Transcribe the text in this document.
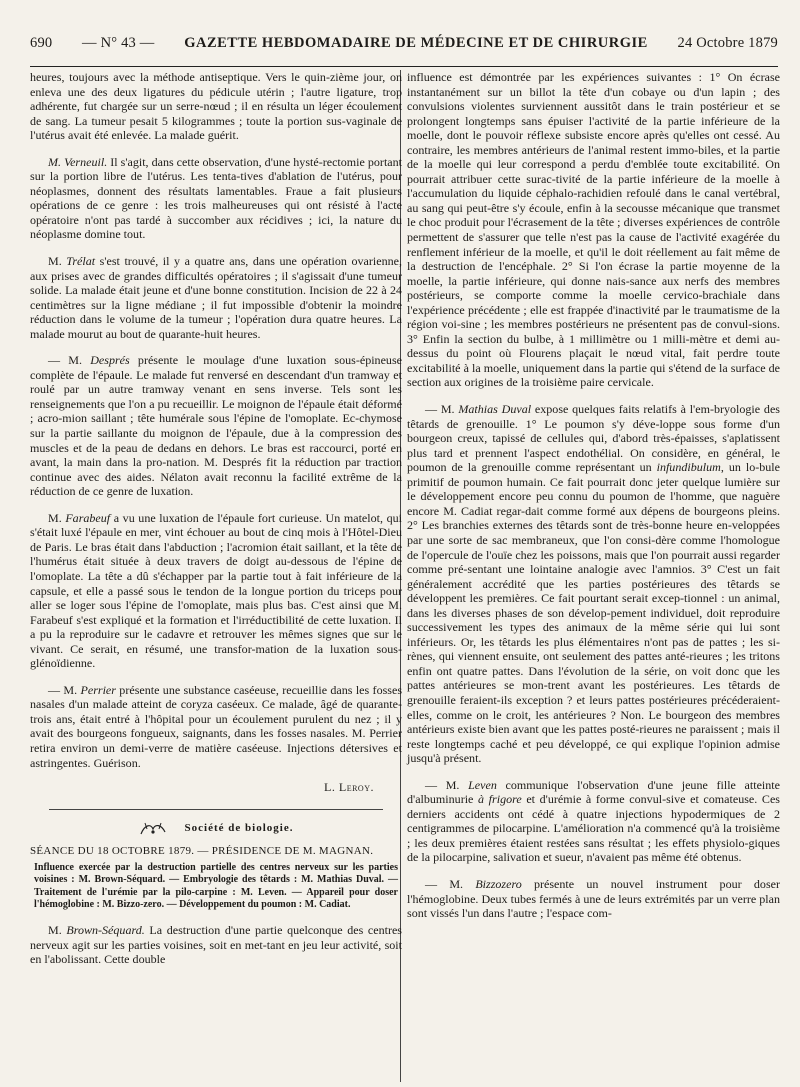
690 — N° 43 — GAZETTE HEBDOMADAIRE DE MÉDECINE ET DE CHIRURGIE 24 Octobre 1879

heures, toujours avec la méthode antiseptique. Vers le quin-zième jour, on enleva une des deux ligatures du pédicule utérin ; l'autre ligature, trop adhérente, fut chargée sur un serre-nœud ; il en résulta un léger écoulement de sang. La tumeur pesait 5 kilogrammes ; toute la portion sus-vaginale de l'utérus avait été enlevée. La malade guérit.

M. Verneuil. Il s'agit, dans cette observation, d'une hysté-rectomie portant sur la portion libre de l'utérus. Les tenta-tives d'ablation de l'utérus, pour néoplasmes, donnent des résultats lamentables. Fraue a fait plusieurs opérations de ce genre : les trois malheureuses qui ont résisté à l'acte opératoire n'ont pas tardé à succomber aux récidives ; ici, la nature du néoplasme domine tout.

M. Trélat s'est trouvé, il y a quatre ans, dans une opération ovarienne, aux prises avec de grandes difficultés opératoires ; il s'agissait d'une tumeur solide. La malade était jeune et d'une bonne constitution. Incision de 22 à 24 centimètres sur la ligne médiane ; il fut impossible d'obtenir la moindre réduction dans le volume de la tumeur ; l'opération dura quatre heures. La malade mourut au bout de quarante-huit heures.

— M. Després présente le moulage d'une luxation sous-épineuse complète de l'épaule. Le malade fut renversé en descendant d'un tramway et roulé par un autre tramway venant en sens inverse. Tels sont les renseignements que l'on a pu recueillir. Le moignon de l'épaule était déformé ; acro-mion saillant ; tête humérale sous l'épine de l'omoplate. Ec-chymose sur la partie saillante du moignon de l'épaule, due à la compression des muscles et de la peau de dedans en dehors. Le bras est raccourci, porté en avant, la main dans la pro-nation. M. Després fit la réduction par traction continue avec des aides. Nélaton avait reconnu la facilité extrême de la réduction de ce genre de luxation.

M. Farabeuf a vu une luxation de l'épaule fort curieuse. Un matelot, qui s'était luxé l'épaule en mer, vint échouer au bout de cinq mois à l'Hôtel-Dieu de Paris. Le bras était dans l'abduction ; l'acromion était saillant, et la tête de l'humérus était située à deux travers de doigt au-dessous de l'épine de l'omoplate. La tête a dû s'échapper par la partie tout à fait inférieure de la capsule, et elle a passé sous le tendon de la longue portion du triceps pour aller se loger sous l'épine de l'omoplate, mais plus bas. C'est ainsi que M. Farabeuf s'est expliqué et la formation et l'irréductibilité de cette luxation. Il a pu la reproduire sur le cadavre et retrouver les mêmes signes que sur le vivant. Ce serait, en résumé, une transfor-mation de la luxation sous-glénoïdienne.

— M. Perrier présente une substance caséeuse, recueillie dans les fosses nasales d'un malade atteint de coryza caséeux. Ce malade, âgé de quarante-trois ans, était entré à l'hôpital pour un écoulement purulent du nez ; il y avait des bourgeons fongueux, saignants, dans les fosses nasales. M. Perrier retira environ un demi-verre de matière caséeuse. Injections détersives et astringentes. Guérison.

L. Leroy.
Société de biologie.

SÉANCE DU 18 OCTOBRE 1879. — PRÉSIDENCE DE M. MAGNAN.

Influence exercée par la destruction partielle des centres nerveux sur les parties voisines : M. Brown-Séquard. — Embryologie des têtards : M. Mathias Duval. — Traitement de l'urémie par la pilo-carpine : M. Leven. — Appareil pour doser l'hémoglobine : M. Bizzo-zero. — Développement du poumon : M. Cadiat.

M. Brown-Séquard. La destruction d'une partie quelconque des centres nerveux agit sur les parties voisines, soit en met-tant en jeu leur activité, soit en l'abolissant. Cette double

influence est démontrée par les expériences suivantes : 1° On écrase instantanément sur un billot la tête d'un cobaye ou d'un lapin ; des convulsions violentes surviennent aussitôt dans le train postérieur et se prolongent longtemps sans épuiser l'activité de la partie inférieure de la moelle, dont le pouvoir réflexe subsiste encore après qu'elles ont cessé. Au contraire, les membres antérieurs de l'animal restent immo-biles, et la partie de la moelle qui leur correspond a perdu d'emblée toute excitabilité. On pourrait attribuer cette surac-tivité de la partie inférieure de la moelle à l'accumulation du liquide céphalo-rachidien refoulé dans le canal vertébral, au sang qui peut-être s'y écoule, enfin à la secousse mécanique que transmet le choc produit pour l'écrasement de la tête ; diverses expériences de contrôle permettent de s'assurer que telle n'est pas la cause de l'activité exagérée du renflement inférieur de la moelle, et qu'il le doit réellement au fait même de la destruction de l'encéphale. 2° Si l'on écrase la partie moyenne de la moelle, la partie inférieure, qui donne nais-sance aux nerfs des membres postérieurs, se comporte comme la moelle cervico-brachiale dans l'expérience précédente ; elle est frappée d'inactivité par le traumatisme de la région voi-sine ; les membres postérieurs ne présentent pas de convul-sions. 3° Enfin la section du bulbe, à 1 millimètre ou 1 milli-mètre et demi au-dessus du point où Flourens plaçait le nœud vital, fait perdre toute excitabilité à la moelle, uniquement dans la partie qui s'étend de la surface de section aux origines de la troisième paire cervicale.

— M. Mathias Duval expose quelques faits relatifs à l'em-bryologie des têtards de grenouille. 1° Le poumon s'y déve-loppe sous forme d'un bourgeon creux, tapissé de cellules qui, d'abord très-épaisses, s'aplatissent plus tard et prennent l'aspect endothélial. On considère, en général, le poumon de la grenouille comme représentant un infundibulum, un lo-bule primitif de poumon humain. Ce fait pourrait donc jeter quelque lumière sur le développement encore peu connu du poumon de l'homme, que naguère encore M. Cadiat regar-dait comme formé aux dépens de bourgeons pleins. 2° Les branchies externes des têtards sont de très-bonne heure en-veloppées par une sorte de sac membraneux, que l'on consi-dère comme l'homologue de l'opercule de l'ouïe chez les poissons, mais que l'on pourrait aussi regarder comme pré-sentant une lointaine analogie avec l'amnios. 3° C'est un fait généralement accrédité que les parties postérieures des têtards se développent les premières. Ce fait pourtant serait excep-tionnel : un animal, dans les diverses phases de son dévelop-pement individuel, doit reproduire successivement les types des animaux de la même série qui lui sont inférieurs. Or, les têtards les plus élémentaires n'ont pas de pattes ; les si-rènes, qui viennent ensuite, ont seulement des pattes anté-rieures ; les tritons enfin ont quatre pattes. Dans l'évolution de la série, on voit donc que les pattes antérieures se mon-trent avant les postérieures. Les têtards de grenouille feraient-ils exception ? et leurs pattes postérieures précéderaient-elles, comme on le croit, les antérieures ? Non. Le bourgeon des membres antérieurs existe bien avant que les pattes posté-rieures ne paraissent ; mais il reste longtemps caché et peu développé, ce qui explique l'opinion admise jusqu'à présent.

— M. Leven communique l'observation d'une jeune fille atteinte d'albuminurie à frigore et d'urémie à forme convul-sive et comateuse. Ces derniers accidents ont cédé à quatre injections hypodermiques de 2 centigrammes de pilocarpine. L'amélioration n'a commencé qu'à la troisième ; les deux premières étaient restées sans résultat ; les effets physiolo-giques de la pilocarpine, salivation et sueur, n'avaient pas même été obtenus.

— M. Bizzozero présente un nouvel instrument pour doser l'hémoglobine. Deux tubes fermés à une de leurs extrémités par un verre plan sont vissés l'un dans l'autre ; l'espace com-
